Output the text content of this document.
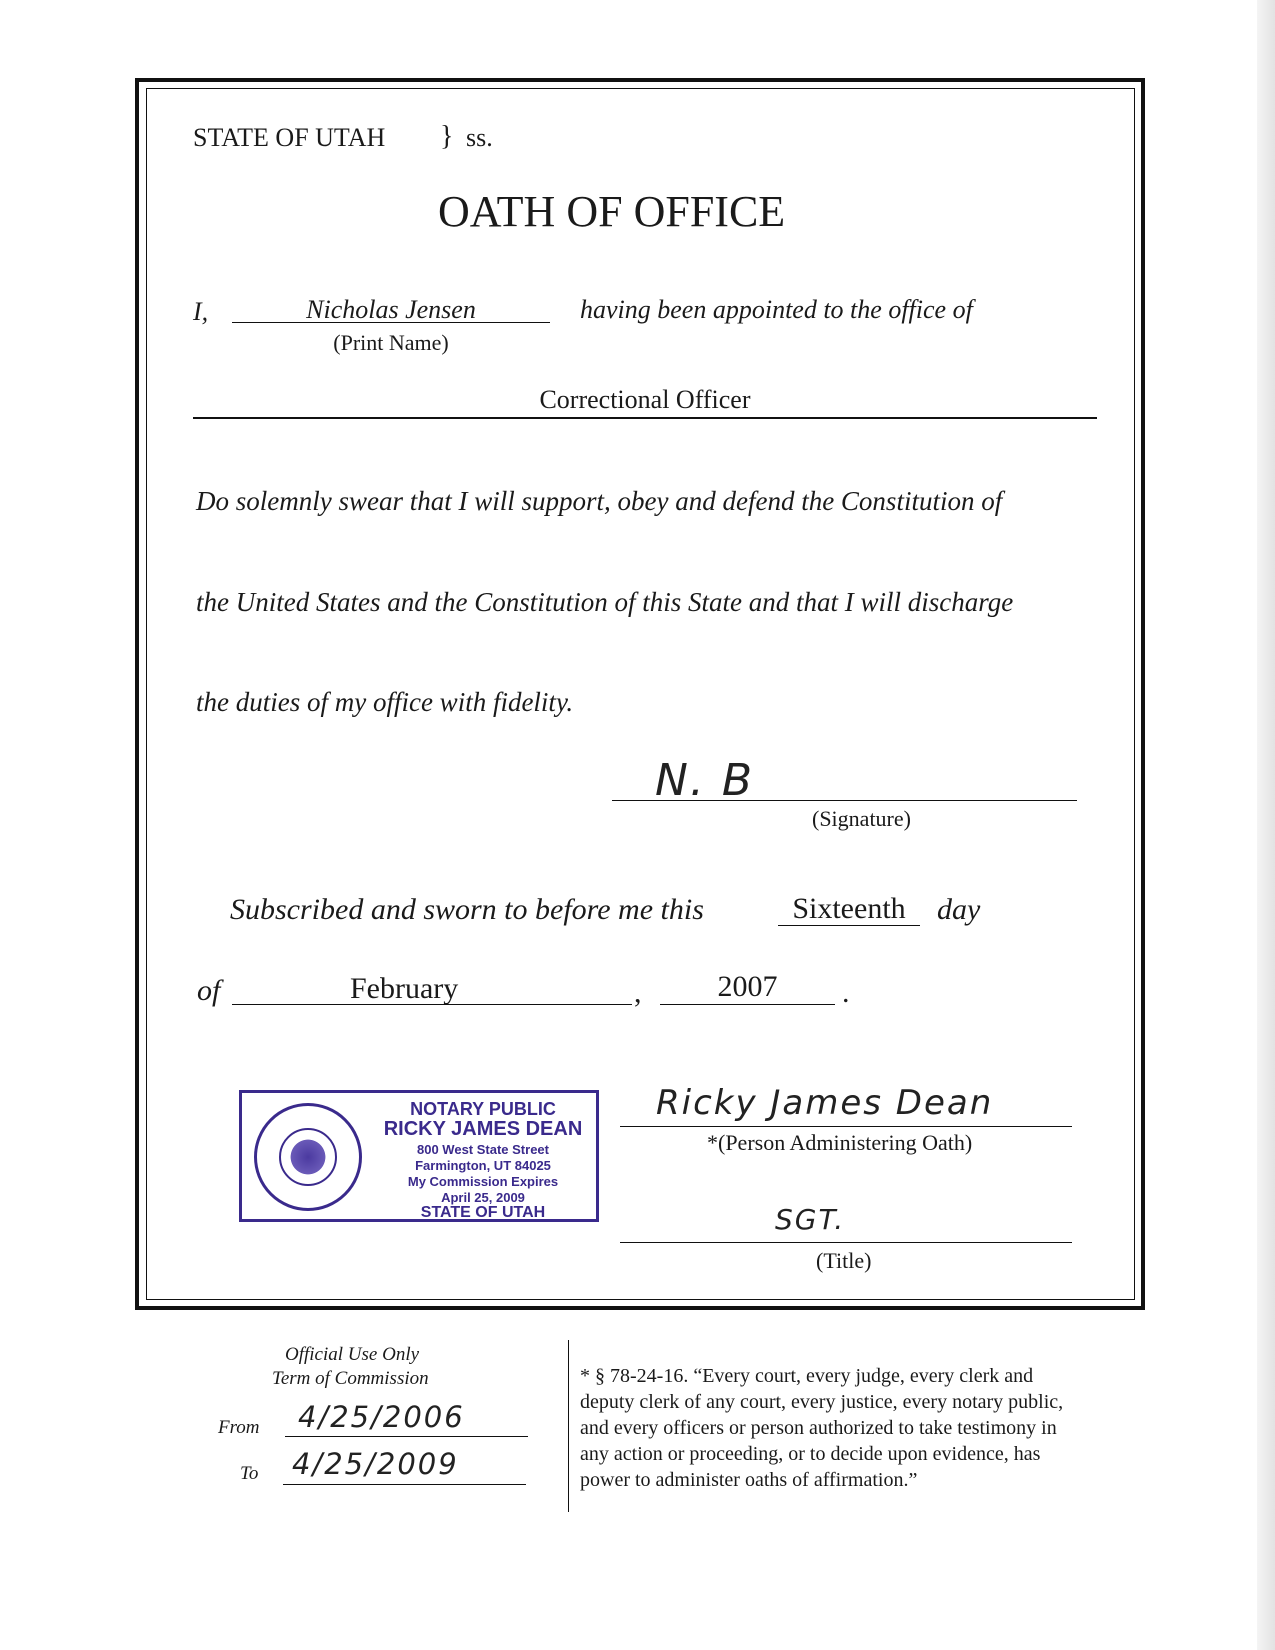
STATE OF UTAH } ss.
OATH OF OFFICE
I,	Nicholas Jensen
(Print Name)
having been appointed to the office of
Correctional Officer
Do solemnly swear that I will support, obey and defend the Constitution of
the United States and the Constitution of this State and that I will discharge
the duties of my office with fidelity.
N. B
(Signature)
Subscribed and sworn to before me this	Sixteenth	day
of	February	,	2007	.
NOTARY PUBLIC
RICKY JAMES DEAN
800 West State Street
Farmington, UT 84025
My Commission Expires
April 25, 2009
STATE OF UTAH
Ricky James Dean
*(Person Administering Oath)
SGT.
(Title)
Official Use Only
Term of Commission
From 4/25/2006
To 4/25/2009
* § 78-24-16. “Every court, every judge, every clerk and
deputy clerk of any court, every justice, every notary public,
and every officers or person authorized to take testimony in
any action or proceeding, or to decide upon evidence, has
power to administer oaths of affirmation.”
